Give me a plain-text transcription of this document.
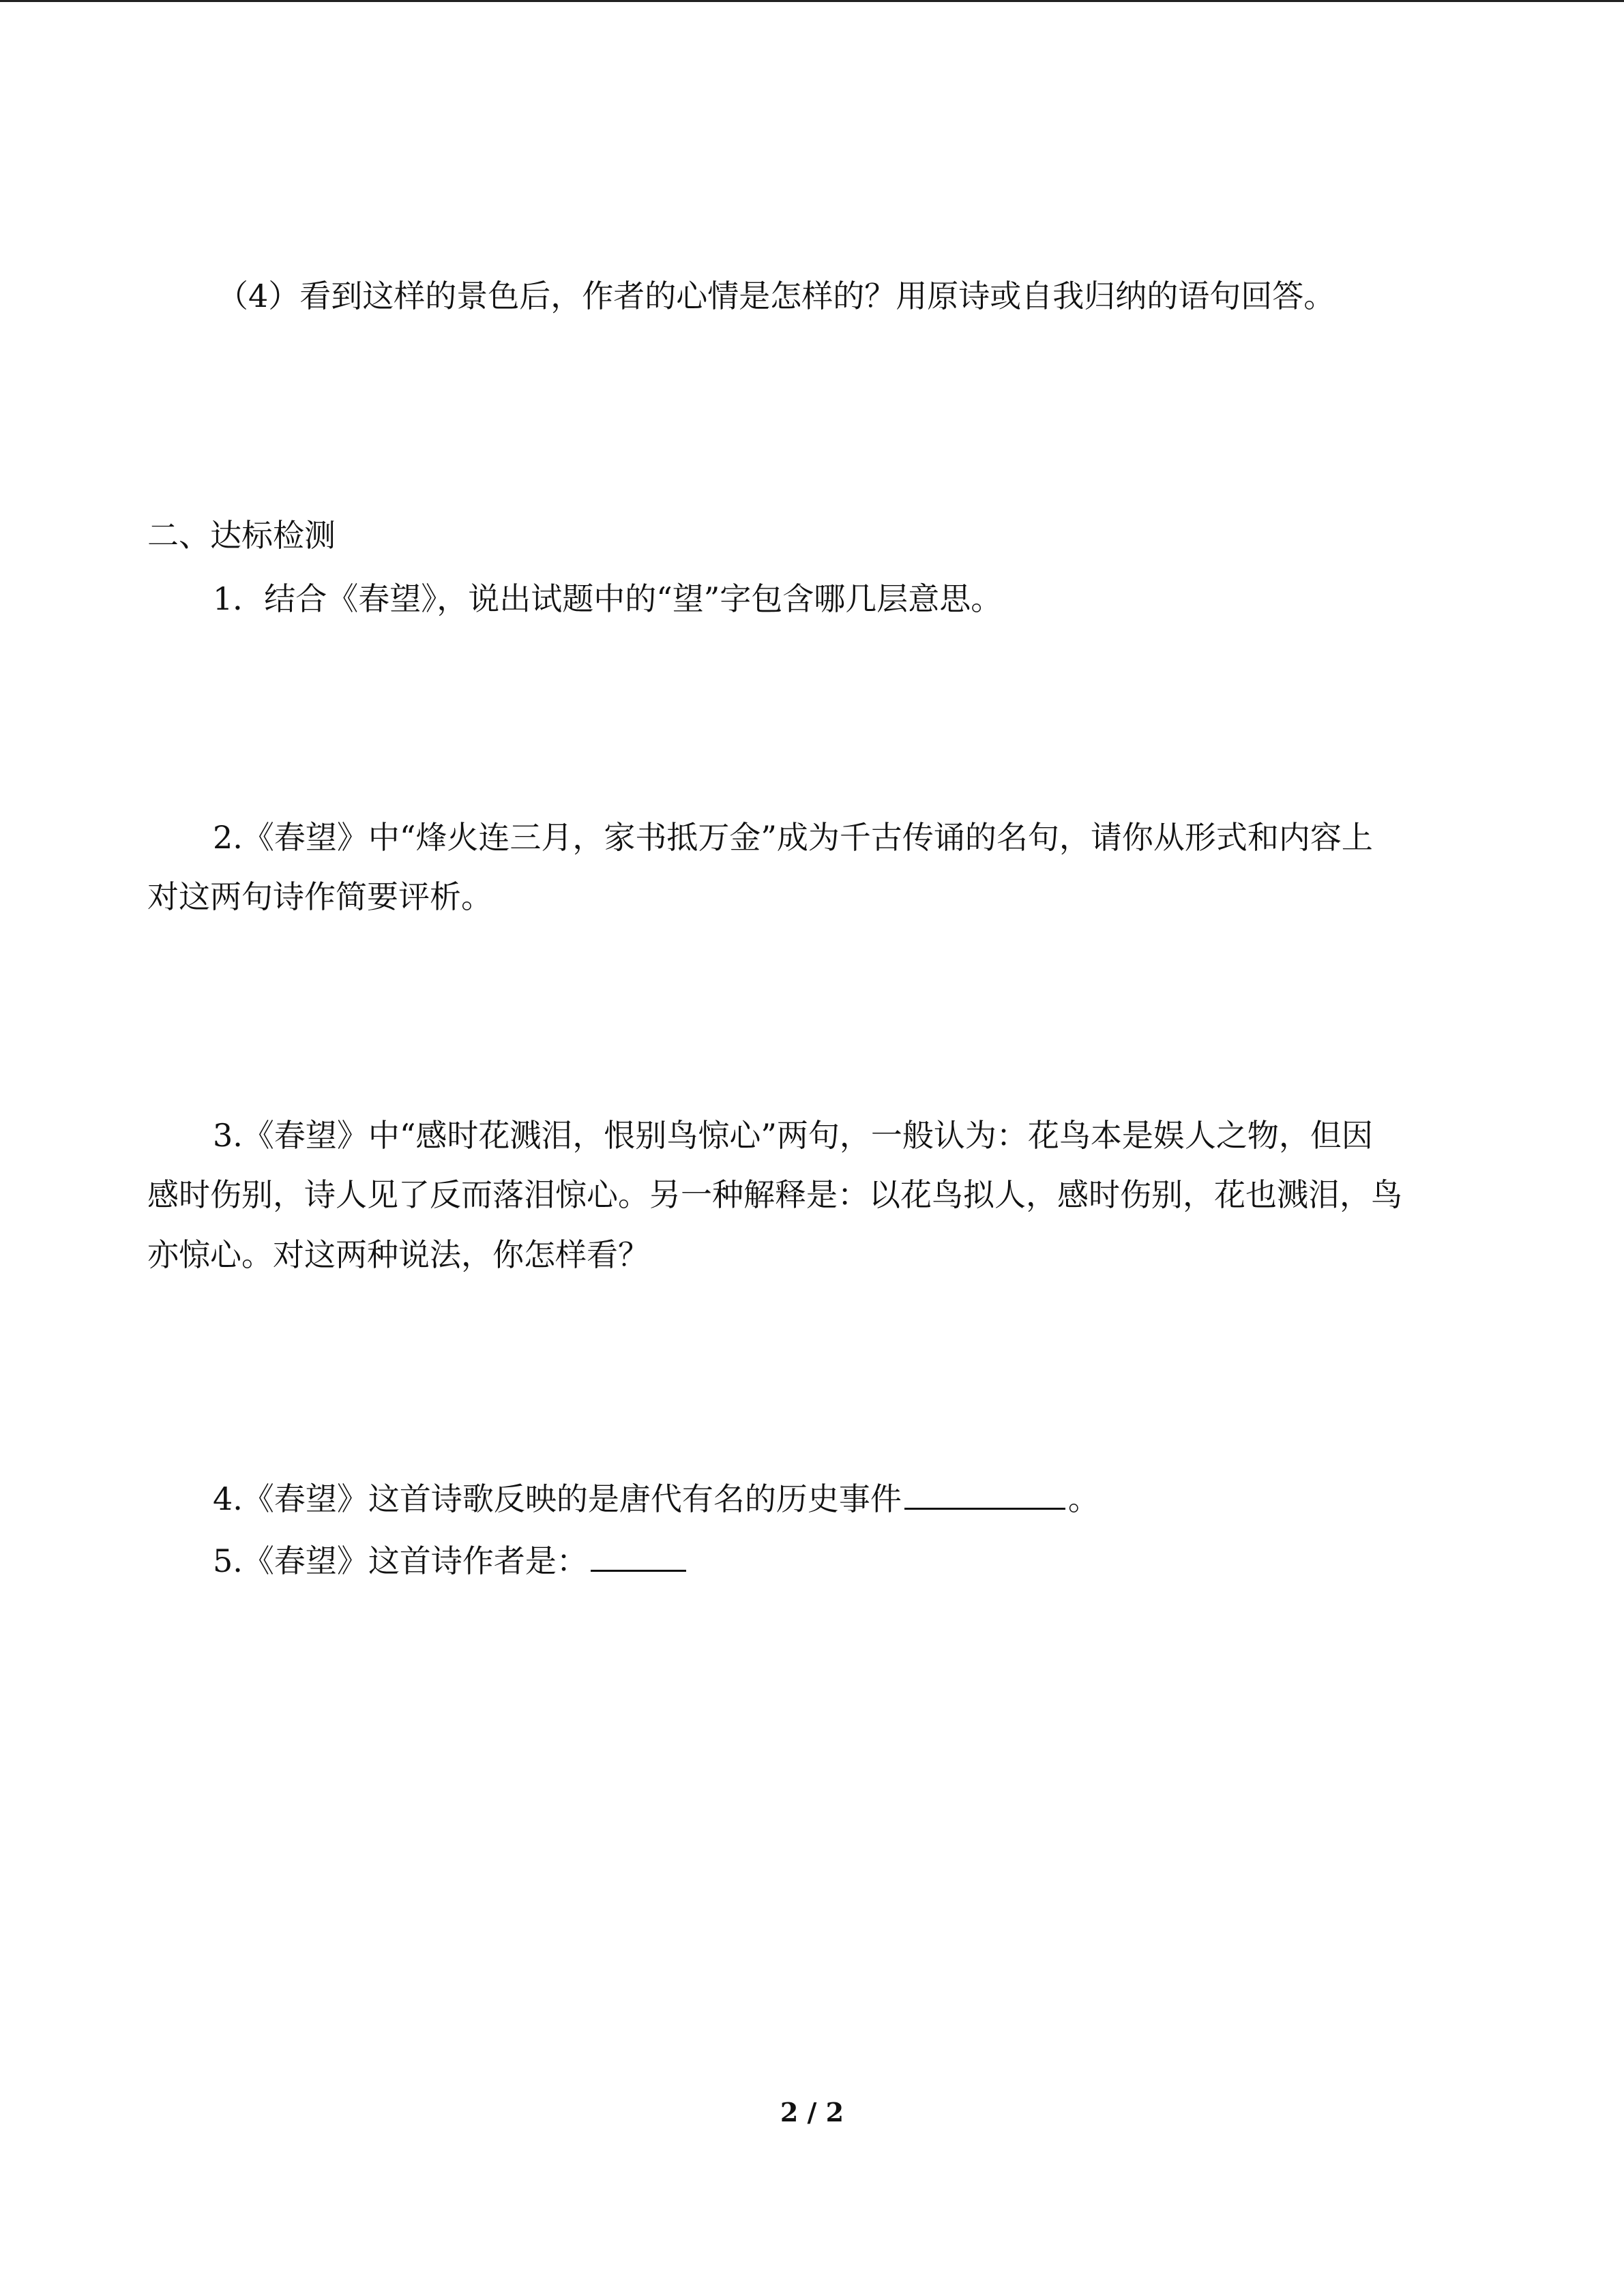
（4）看到这样的景色后，作者的心情是怎样的？用原诗或自我归纳的语句回答。
二、达标检测
1．结合《春望》，说出试题中的“望”字包含哪几层意思。
2.《春望》中“烽火连三月，家书抵万金”成为千古传诵的名句，请你从形式和内容上
对这两句诗作简要评析。
3.《春望》中“感时花溅泪，恨别鸟惊心”两句，一般认为：花鸟本是娱人之物，但因
感时伤别，诗人见了反而落泪惊心。另一种解释是：以花鸟拟人，感时伤别，花也溅泪，鸟
亦惊心。对这两种说法，你怎样看？
4.《春望》这首诗歌反映的是唐代有名的历史事件	。
5.《春望》这首诗作者是：
2 / 2
